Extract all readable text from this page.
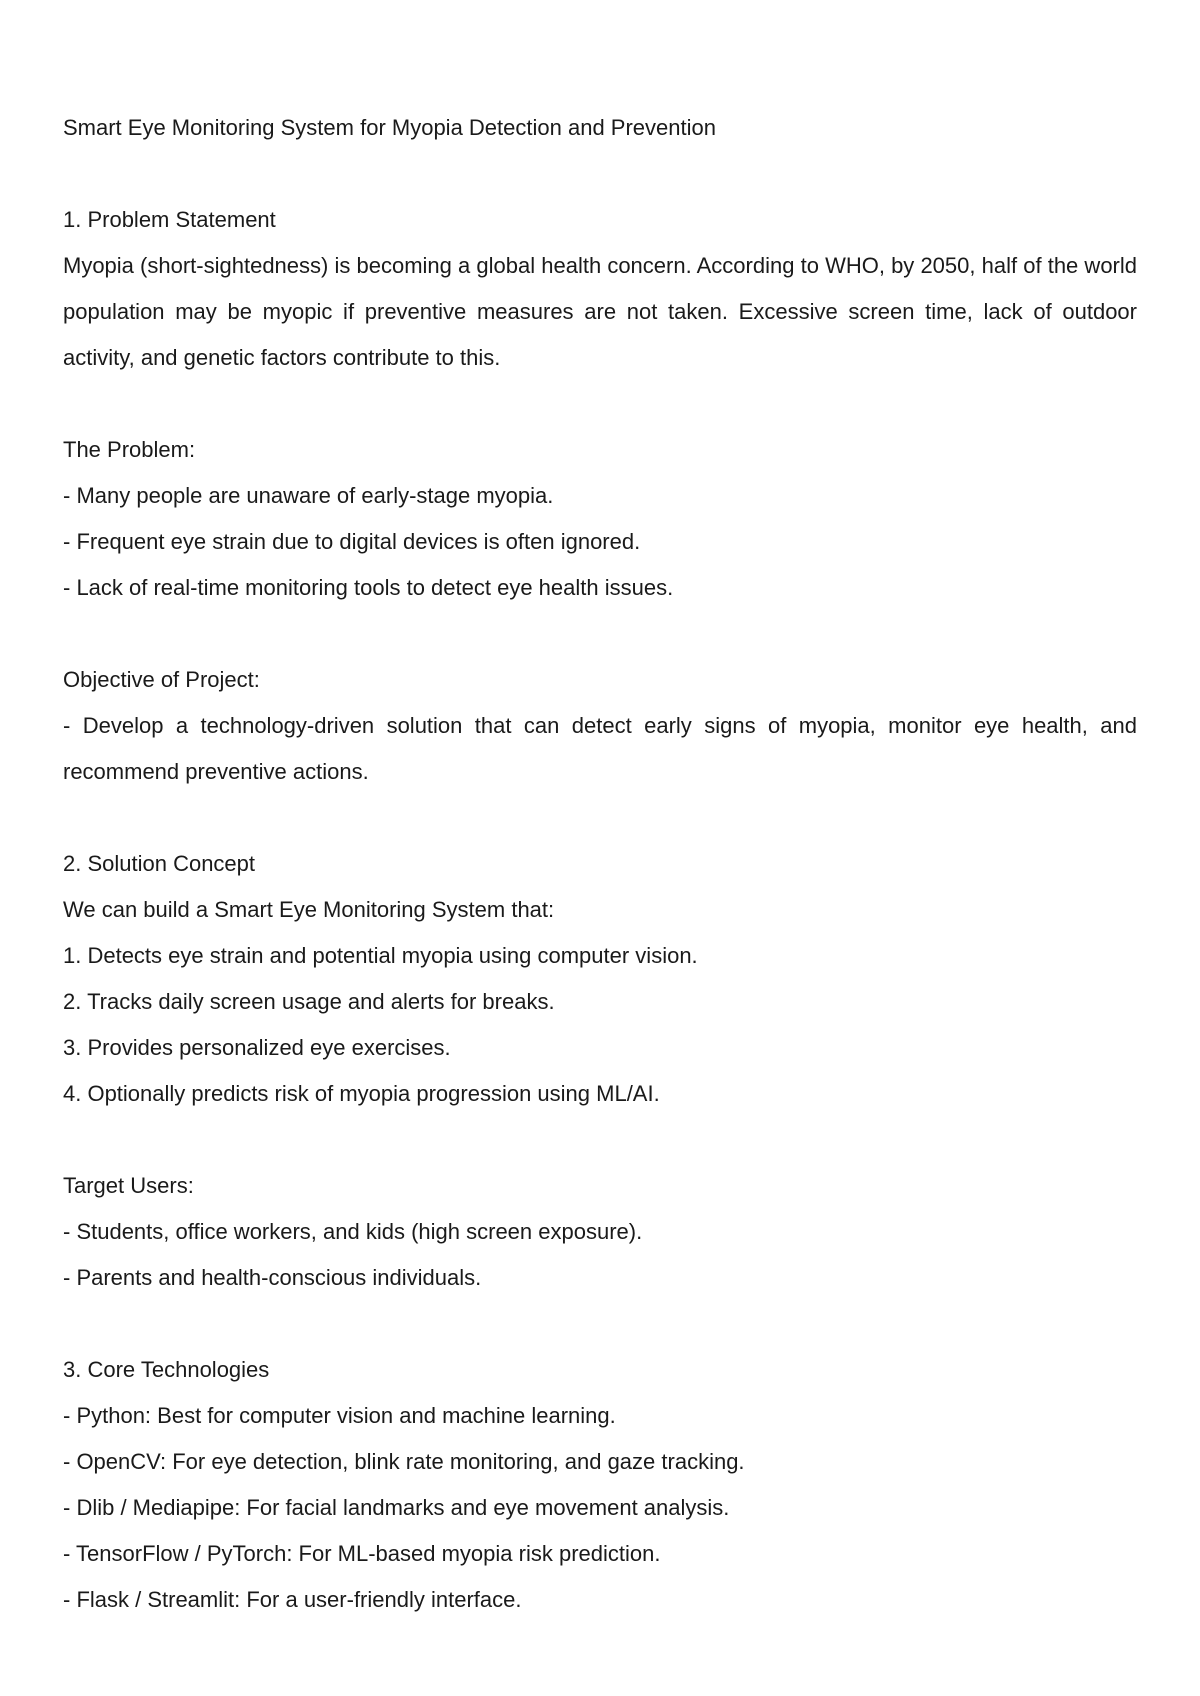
Smart Eye Monitoring System for Myopia Detection and Prevention
1. Problem Statement
Myopia (short-sightedness) is becoming a global health concern. According to WHO, by 2050, half of the world population may be myopic if preventive measures are not taken. Excessive screen time, lack of outdoor activity, and genetic factors contribute to this.
The Problem:
- Many people are unaware of early-stage myopia.
- Frequent eye strain due to digital devices is often ignored.
- Lack of real-time monitoring tools to detect eye health issues.
Objective of Project:
- Develop a technology-driven solution that can detect early signs of myopia, monitor eye health, and recommend preventive actions.
2. Solution Concept
We can build a Smart Eye Monitoring System that:
1. Detects eye strain and potential myopia using computer vision.
2. Tracks daily screen usage and alerts for breaks.
3. Provides personalized eye exercises.
4. Optionally predicts risk of myopia progression using ML/AI.
Target Users:
- Students, office workers, and kids (high screen exposure).
- Parents and health-conscious individuals.
3. Core Technologies
- Python: Best for computer vision and machine learning.
- OpenCV: For eye detection, blink rate monitoring, and gaze tracking.
- Dlib / Mediapipe: For facial landmarks and eye movement analysis.
- TensorFlow / PyTorch: For ML-based myopia risk prediction.
- Flask / Streamlit: For a user-friendly interface.
